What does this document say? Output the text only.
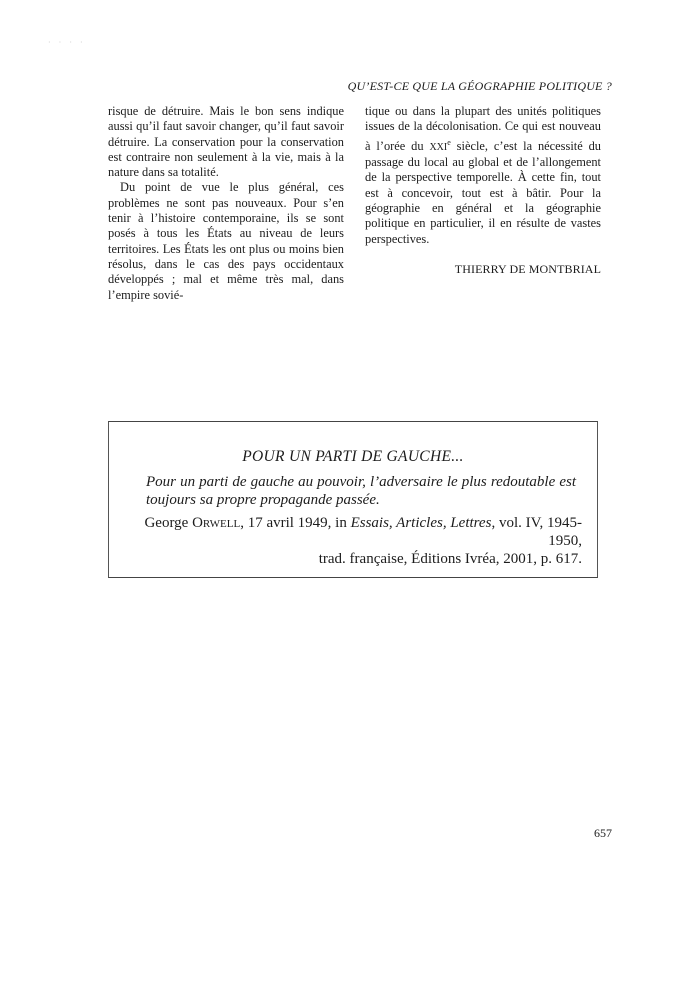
· · · ·
QU’EST-CE QUE LA GÉOGRAPHIE POLITIQUE ?

risque de détruire. Mais le bon sens indique aussi qu’il faut savoir changer, qu’il faut savoir détruire. La conservation pour la conservation est contraire non seulement à la vie, mais à la nature dans sa totalité.

Du point de vue le plus général, ces problèmes ne sont pas nouveaux. Pour s’en tenir à l’histoire contemporaine, ils se sont posés à tous les États au niveau de leurs territoires. Les États les ont plus ou moins bien résolus, dans le cas des pays occidentaux développés ; mal et même très mal, dans l’empire sovié-

tique ou dans la plupart des unités politiques issues de la décolonisation. Ce qui est nouveau à l’orée du XXIe siècle, c’est la nécessité du passage du local au global et de l’allongement de la perspective temporelle. À cette fin, tout est à concevoir, tout est à bâtir. Pour la géographie en général et la géographie politique en particulier, il en résulte de vastes perspectives.

THIERRY DE MONTBRIAL

POUR UN PARTI DE GAUCHE...
Pour un parti de gauche au pouvoir, l’adversaire le plus redoutable est toujours sa propre propagande passée.
George Orwell, 17 avril 1949, in Essais, Articles, Lettres, vol. IV, 1945-1950,
trad. française, Éditions Ivréa, 2001, p. 617.
657
